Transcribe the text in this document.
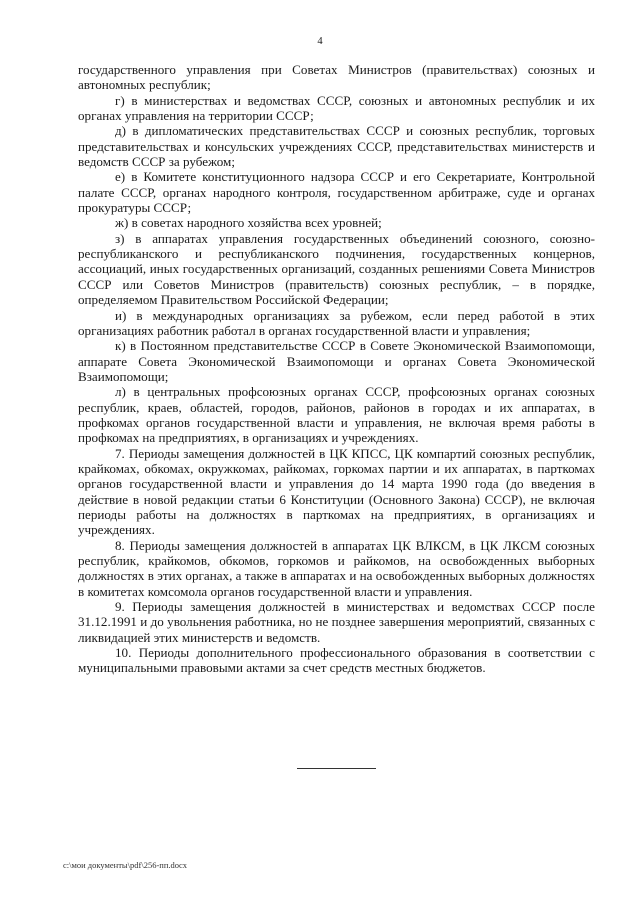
4

государственного управления при Советах Министров (правительствах) союзных и автономных республик;

г) в министерствах и ведомствах СССР, союзных и автономных республик и их органах управления на территории СССР;

д) в дипломатических представительствах СССР и союзных республик, торговых представительствах и консульских учреждениях СССР, представительствах министерств и ведомств СССР за рубежом;

е) в Комитете конституционного надзора СССР и его Секретариате, Контрольной палате СССР, органах народного контроля, государственном арбитраже, суде и органах прокуратуры СССР;

ж) в советах народного хозяйства всех уровней;

з) в аппаратах управления государственных объединений союзного, союзно-республиканского и республиканского подчинения, государственных концернов, ассоциаций, иных государственных организаций, созданных решениями Совета Министров СССР или Советов Министров (правительств) союзных республик, – в порядке, определяемом Правительством Российской Федерации;

и) в международных организациях за рубежом, если перед работой в этих организациях работник работал в органах государственной власти и управления;

к) в Постоянном представительстве СССР в Совете Экономической Взаимопомощи, аппарате Совета Экономической Взаимопомощи и органах Совета Экономической Взаимопомощи;

л) в центральных профсоюзных органах СССР, профсоюзных органах союзных республик, краев, областей, городов, районов, районов в городах и их аппаратах, в профкомах органов государственной власти и управления, не включая время работы в профкомах на предприятиях, в организациях и учреждениях.

7. Периоды замещения должностей в ЦК КПСС, ЦК компартий союзных республик, крайкомах, обкомах, окружкомах, райкомах, горкомах партии и их аппаратах, в парткомах органов государственной власти и управления до 14 марта 1990 года (до введения в действие в новой редакции статьи 6 Конституции (Основного Закона) СССР), не включая периоды работы на должностях в парткомах на предприятиях, в организациях и учреждениях.

8. Периоды замещения должностей в аппаратах ЦК ВЛКСМ, в ЦК ЛКСМ союзных республик, крайкомов, обкомов, горкомов и райкомов, на освобожденных выборных должностях в этих органах, а также в аппаратах и на освобожденных выборных должностях в комитетах комсомола органов государственной власти и управления.

9. Периоды замещения должностей в министерствах и ведомствах СССР после 31.12.1991 и до увольнения работника, но не позднее завершения мероприятий, связанных с ликвидацией этих министерств и ведомств.

10. Периоды дополнительного профессионального образования в соответствии с муниципальными правовыми актами за счет средств местных бюджетов.

c:\мои документы\pdf\256-пп.docx
